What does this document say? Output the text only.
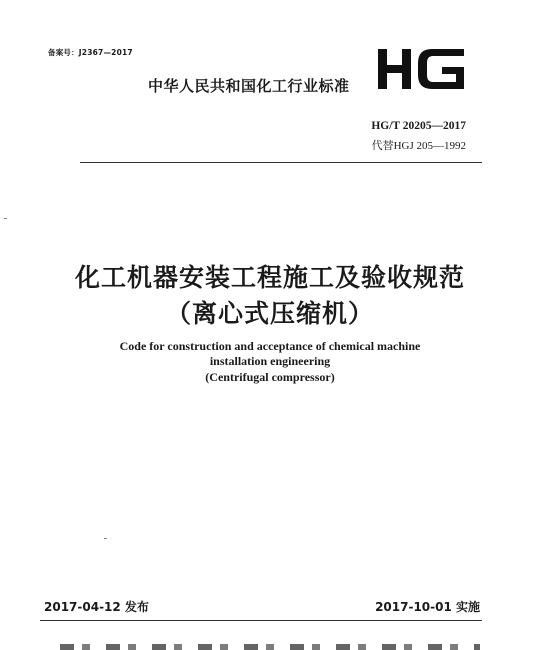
备案号：J2367—2017
中华人民共和国化工行业标准
HG/T 20205—2017
代替HGJ 205—1992
化工机器安装工程施工及验收规范
（离心式压缩机）
Code for construction and acceptance of chemical machine
installation engineering
(Centrifugal compressor)
2017-04-12 发布	2017-10-01 实施
